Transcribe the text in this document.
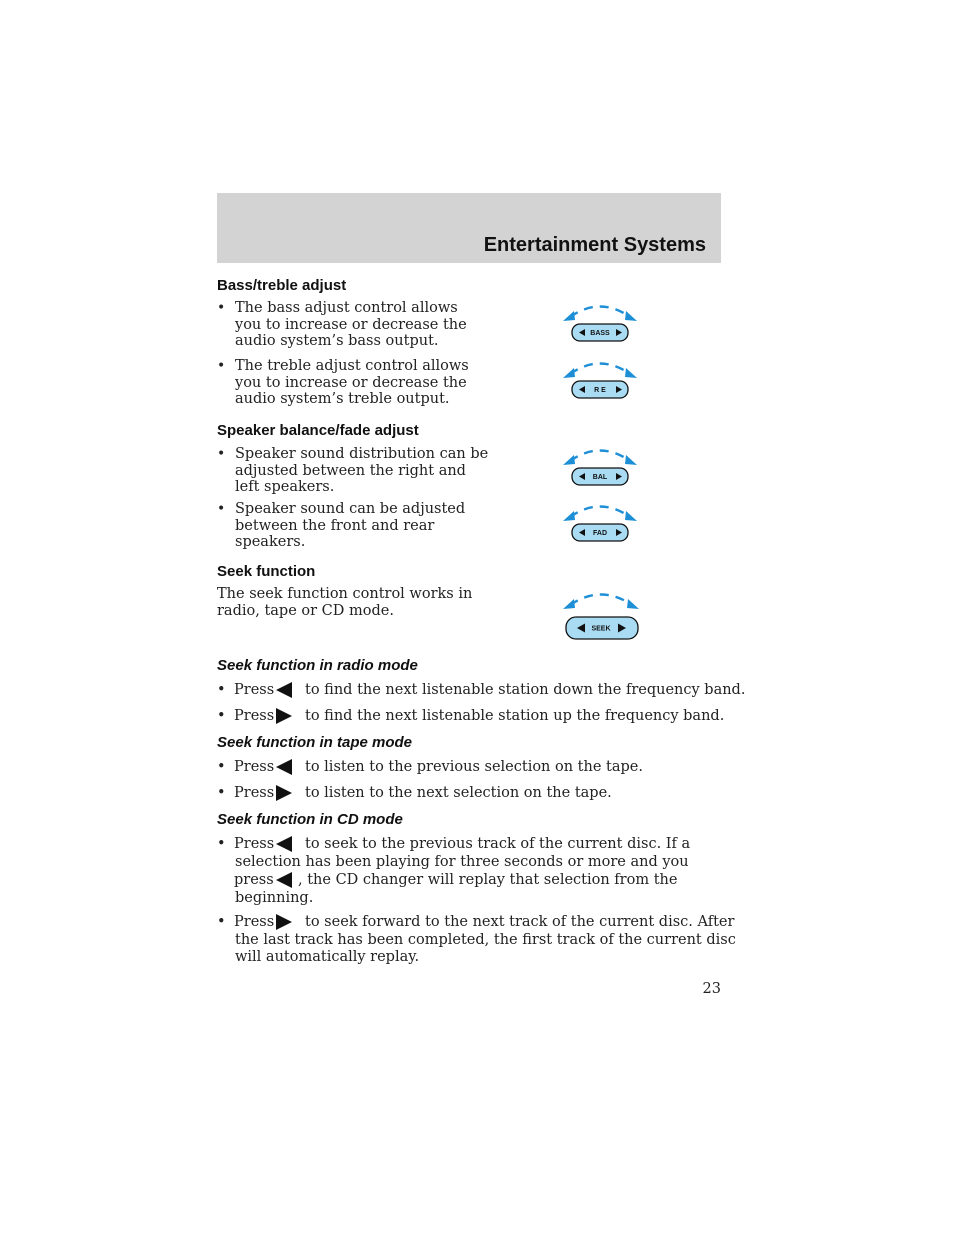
Entertainment Systems
Bass/treble adjust
• The bass adjust control allows
you to increase or decrease the
audio system’s bass output.
• The treble adjust control allows
you to increase or decrease the
audio system’s treble output.
Speaker balance/fade adjust
• Speaker sound distribution can be
adjusted between the right and
left speakers.
• Speaker sound can be adjusted
between the front and rear
speakers.
Seek function
The seek function control works in
radio, tape or CD mode.
BASS
R E
BAL
FAD
SEEK
Seek function in radio mode
• Press to find the next listenable station down the frequency band.
• Press to find the next listenable station up the frequency band.
Seek function in tape mode
• Press to listen to the previous selection on the tape.
• Press to listen to the next selection on the tape.
Seek function in CD mode
• Press to seek to the previous track of the current disc. If a
selection has been playing for three seconds or more and you
press , the CD changer will replay that selection from the
beginning.
• Press to seek forward to the next track of the current disc. After
the last track has been completed, the first track of the current disc
will automatically replay.
23
